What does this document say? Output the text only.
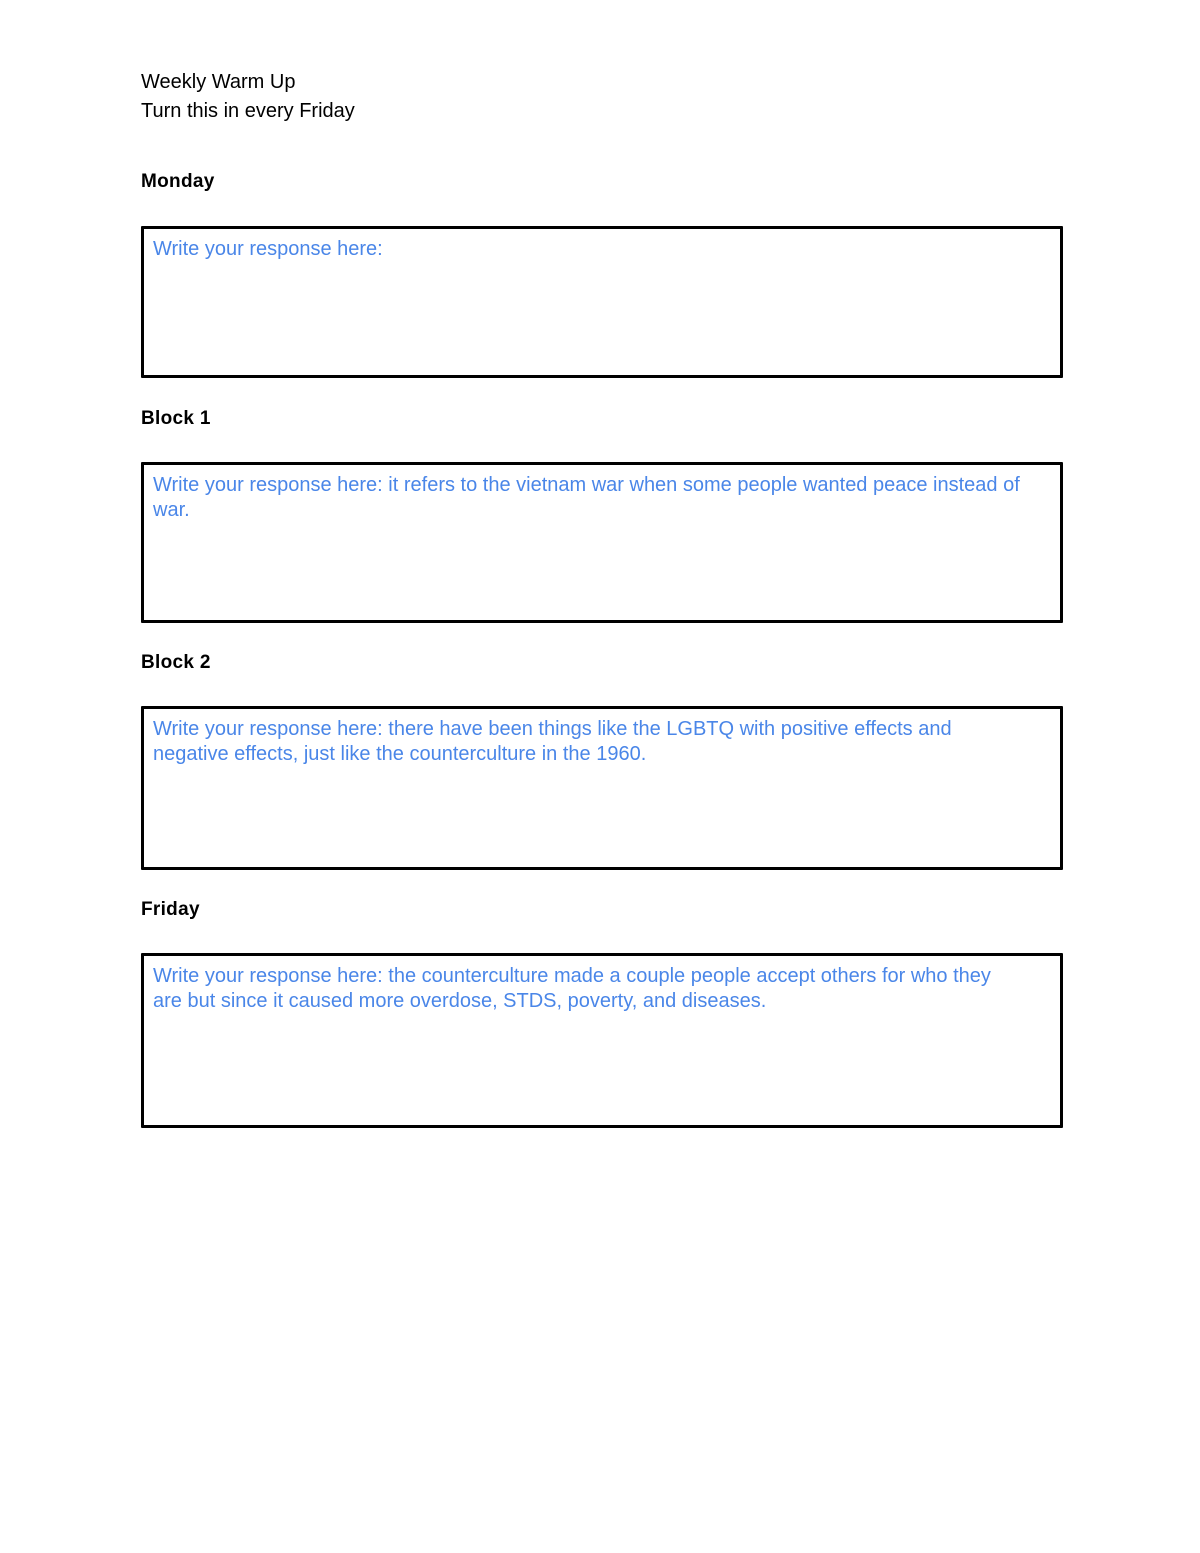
Weekly Warm Up
Turn this in every Friday
Monday
Write your response here:
Block 1
Write your response here: it refers to the vietnam war when some people wanted peace instead of war.
Block 2
Write your response here: there have been things like the LGBTQ with positive effects and negative effects, just like the counterculture in the 1960.
Friday
Write your response here: the counterculture made a couple people accept others for who they are but since it caused more overdose, STDS, poverty, and diseases.
